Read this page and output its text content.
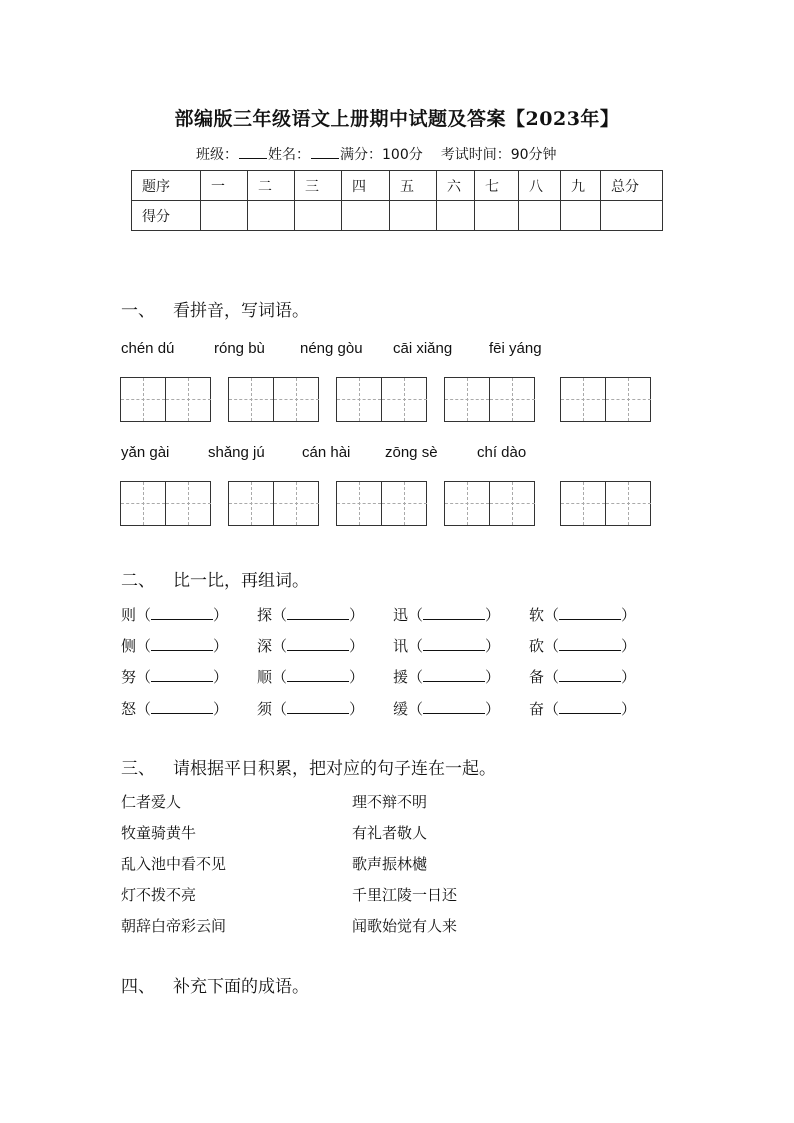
部编版三年级语文上册期中试题及答案【2023年】
班级： 姓名： 满分：100分 考试时间：90分钟
题序	一	二	三	四	五	六	七	八	九	总分
得分										
一、 看拼音，写词语。
chén dú	róng bù néng gòu cāi xiǎng fēi yáng
yǎn gài	shǎng jú cán hài zōng sè	chí dào
二、 比一比，再组词。
则（	） 探（	） 迅（	） 软（	）
侧（	） 深（	） 讯（	） 砍（	）
努（	） 顺（	） 援（	） 备（	）
怒（	） 须（	） 缓（	） 奋（	）
三、 请根据平日积累，把对应的句子连在一起。
仁者爱人
牧童骑黄牛
乱入池中看不见
灯不拨不亮
朝辞白帝彩云间
理不辩不明
有礼者敬人
歌声振林樾
千里江陵一日还
闻歌始觉有人来
四、 补充下面的成语。
